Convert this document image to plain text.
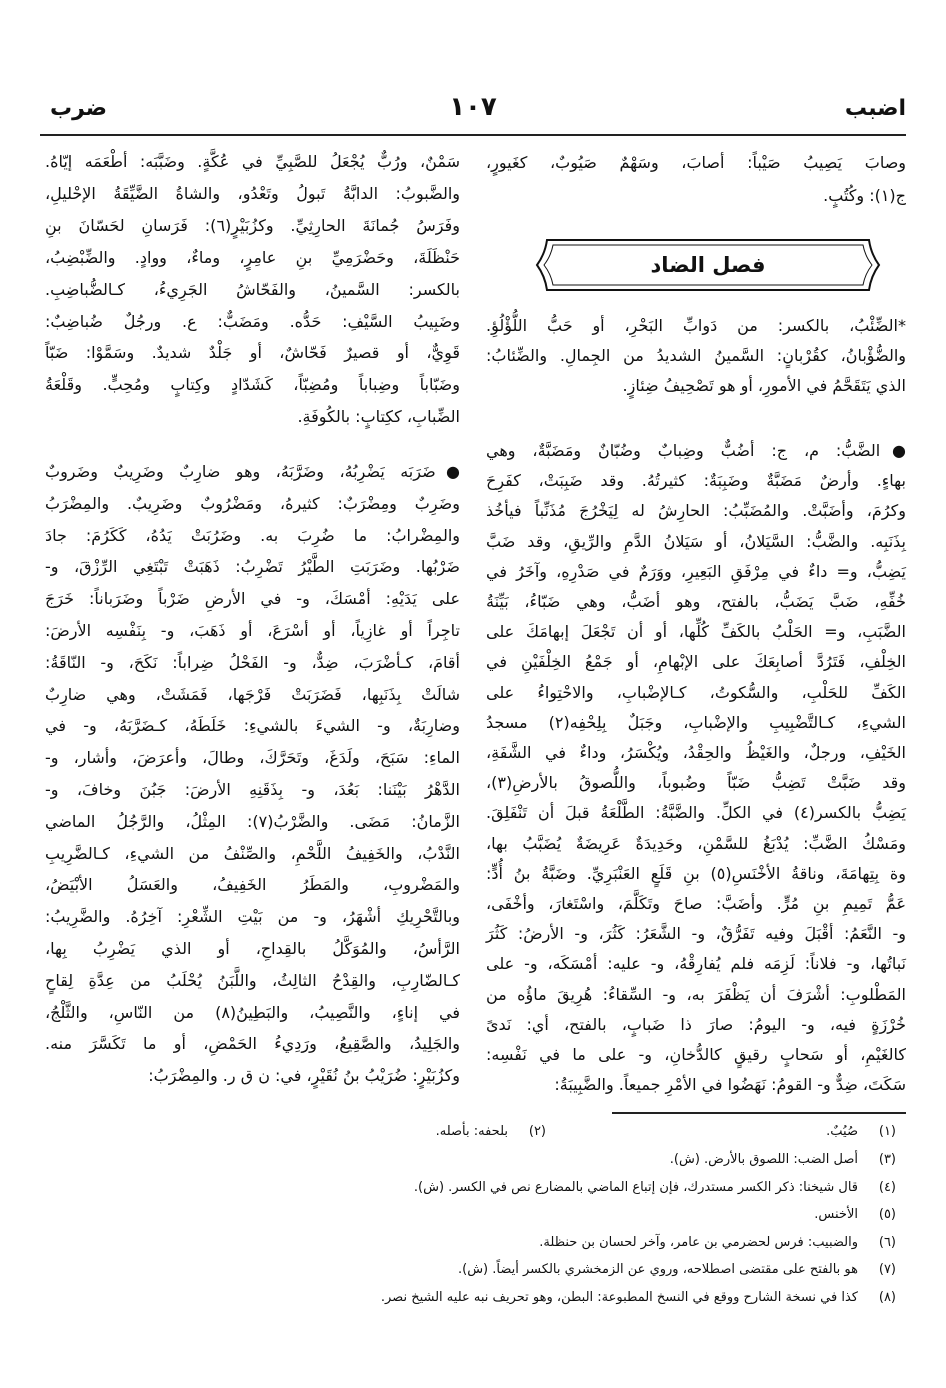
اضبب
١٠٧
ضرب
وصابَ يَصِيبُ صَيْباً: أصابَ، وسَهْمٌ صَيُوبٌ، كغَيورٍ،
ج(١): وكُتُبٍ.
فصل الضاد
*الضِّئْبُ، بالكسر: من دَوابِّ البَحْرِ، أو حَبُّ اللُّؤْلُؤِ.
والضُّؤْبانُ، كقُرْبانٍ: السَّمينُ الشديدُ من الجِمالِ. والضِّئابُ:
الذي يَتَقَحَّمُ في الأمورِ، أو هو تَصْحِيفُ ضِئازٍ.
●الضَّبُّ: م، ج: أضُبٌّ وضِبابٌ وضُبّانٌ ومَضَبَّةٌ، وهي
بهاءٍ. وأرضٌ مَضَبَّةٌ وضَبِبَةٌ: كثيرتُهُ. وقد ضَبِبَتْ، كفَرِحَ
وكرُمَ، وأضَبَّتْ. والمُضَبِّبُ: الحارِشُ له لِيَخْرُجَ مُذَنِّباً فيأخُذ
بِذَنَبِه. والضَّبُّ: السَّيَلانُ، أو سَيَلانُ الدَّمِ والرِّيقِ، وقد ضَبَّ
يَضِبُّ، و= داءٌ في مِرْفَقِ البَعِيرِ، ووَرَمٌ في صَدْرِهِ، وآخَرُ في
خُفِّهِ، ضَبَّ يَضَبُّ، بالفتح، وهو أضَبُّ، وهي ضَبّاءُ، بَيِّنَةُ
الضَّبَبِ، و= الحَلْبُ بالكَفِّ كُلِّها، أو أن تَجْعَلَ إبهامَكَ على
الخِلْفِ، فَتَرُدَّ أصابِعَكَ على الإبْهامِ، أو جَمْعُ الخِلْفَيْنِ في
الكَفِّ للحَلْبِ، والسُّكوتُ، كـالإضْبابِ، والاحْتِواءُ على
الشيءِ، كـالتَّضْبِيبِ والإضْبابِ، وجَبَلٌ بِلِحْفِه(٢) مسجدُ
الخَيْفِ، ورجلٌ، والغَيْظُ والحِقْدُ، ويُكْسَرُ، وداءٌ في الشَّفَةِ،
وقد ضَبَّتْ تَضِبُّ ضَبّاً وضُبوباً، واللُّصوقُ بالأرضِ(٣)،
يَضِبُّ بالكسر(٤) في الكلِّ. والضَّبَّةُ: الطَّلْعَةُ قبلَ أن تَنْفَلِقَ.
ومَسْكُ الضَّبِّ: يُدْبَغُ للسَّمْنِ، وحَدِيدَةٌ عَرِيضَةٌ يُضَبَّبُ بها،
وة بِتِهامَةَ، وناقةُ الأخْنَسِ(٥) بنِ قَلَعٍ العَنْبَرِيِّ. وضَبَّةُ بنُ أُدٍّ:
عَمُّ تَمِيمِ بنِ مُرٍّ. وأضَبَّ: صاحَ وتَكَلَّمَ، واسْتَغارَ، وأخْفَى،
و- النَّعَمُ: أقْبَلَ وفيه تَفَرُّقٌ، و- الشَّعَرُ: كَثُرَ، و- الأرضُ: كَثُرَ
نَباتُها، و- فلاناً: لَزِمَه فلم يُفارِقْهُ، و- عليه: أمْسَكَه، و- على
المَطْلوبِ: أشْرَفَ أن يَظْفَرَ به، و- السِّقاءُ: هُرِيقَ ماؤُه من
خُرْزَةٍ فيه، و- اليومُ: صارَ ذا ضَبابٍ، بالفتح، أي: نَدىً
كالغَيْمِ، أو سَحابٍ رقيقٍ كالدُّخانِ، و- على ما في نَفْسِه:
سَكَتَ، ضِدٌّ و- القومُ: نَهَضُوا في الأمْرِ جميعاً. والضَّبِيبَةُ:
سَمْنٌ، ورُبٌّ يُجْعَلُ للصَّبِيِّ في عُكَّةٍ. وضَبَّبَه: أطْعَمَه إيّاهُ.
والضَّبوبُ: الدابَّةُ تَبولُ وتَعْدُو، والشاةُ الضَّيِّقَةُ الإحْليلِ،
وفَرَسُ جُمانَةَ الحارِثِيِّ. وكزُبَيْرٍ(٦): فَرَسانِ لحَسّانَ بنِ
حَنْظَلَةَ، وحَضْرَمِيِّ بنِ عامِرٍ، وماءٌ، ووادٍ. والضِّبْضِبُ،
بالكسر: السَّمينُ، والفَحّاشُ الجَرِيءُ، كـالضُّباضِبِ.
وضَبِيبُ السَّيْفِ: حَدُّه. ومَضَبٌّ: ع. ورجُلٌ ضُباضِبٌ:
قَوِيٌّ، أو قصيرٌ فَحّاشٌ، أو جَلْدٌ شديدٌ. وسَمَّوْا: ضَبّاً
وضَبّاباً وضِباباً ومُضِبّاً، كَشَدّادٍ وكِتابٍ ومُحِبٍّ. وقَلْعَةُ
الضِّبابِ، ككِتابٍ: بالكُوفَةِ.
●ضَرَبَه يَضْرِبُهُ، وضَرَّبَهُ، وهو ضارِبٌ وضَرِيبٌ وضَروبٌ
وضَرِبٌ ومِضْرَبٌ: كثيرهُ، ومَضْرُوبٌ وضَرِيبٌ. والمِضْرَبُ
والمِضْرابُ: ما ضُرِبَ به. وضَرُبَتْ يَدُهُ، كَكَرُمَ: جادَ
ضَرْبُها. وضَرَبَتِ الطَّيْرُ تَضْرِبُ: ذَهَبَتْ تَبْتَغِي الرِّزْقَ، و-
على يَدَيْهِ: أمْسَكَ، و- في الأرضِ ضَرْباً وضَرَباناً: خَرَجَ
تاجِراً أو غازِياً، أو أسْرَعَ، أو ذَهَبَ، و- بِنَفْسِه الأرضَ:
أقامَ، كـأضْرَبَ، ضِدٌّ، و- الفَحْلُ ضِراباً: نَكَحَ، و- النّاقَةُ:
شالَتْ بِذَنَبِها، فَضَرَبَتْ فَرْجَها، فَمَشَتْ، وهي ضارِبٌ
وضارِبَةٌ، و- الشيءَ بالشيءِ: خَلَطَهُ، كـضَرَّبَهُ، و- في
الماءِ: سَبَحَ، ولَدَغَ، وتَحَرَّكَ، وطالَ، وأعرَضَ، وأشار، و-
الدَّهْرُ بَيْنَنا: بَعُدَ، و- بِذَقَنِهِ الأرضَ: جَبُنَ وخافَ، و-
الزَّمانُ: مَضَى. والضَّرْبُ(٧): المِثْلُ، والرَّجُلُ الماضي
النَّدْبُ، والخَفِيفُ اللَّحْمِ، والصِّنْفُ من الشيءِ، كـالضَّرِيبِ
والمَضْروبِ، والمَطَرُ الخَفِيفُ، والعَسَلُ الأبْيَضُ،
وبالتَّحْرِيكِ أشْهَرُ، و- من بَيْتِ الشِّعْرِ: آخِرُهُ. والضَّرِيبُ:
الرَّأسُ، والمُوَكَّلُ بالقِداحِ، أو الذي يَضْرِبُ بِها،
كـالضّارِبِ، والقِدْحُ الثالِثُ، واللَّبَنُ يُحْلَبُ من عِدَّةِ لِقاحٍ
في إناءٍ، والنَّصِيبُ، والبَطِينُ(٨) من النّاسِ، والثَّلْجُ،
والجَلِيدُ، والصَّقِيعُ، ورَدِيءُ الحَمْضِ، أو ما تَكَسَّرَ منه.
وكزُبَيْرٍ: ضُرَيْبُ بنُ نُقَيْرٍ، في: ن ق ر. والمِضْرَبُ:
(١)صُيُبٌ.
(٢)بلحفه: بأصله.
(٣)أصل الضب: اللصوق بالأرض. (ش).
(٤)قال شيخنا: ذكر الكسر مستدرك، فإن إتباع الماضي بالمضارع نص في الكسر. (ش).
(٥)الأخنس.
(٦)والضبيب: فرس لحضرمي بن عامر، وآخر لحسان بن حنظلة.
(٧)هو بالفتح على مقتضى اصطلاحه، وروي عن الزمخشري بالكسر أيضاً. (ش).
(٨)كذا في نسخة الشارح ووقع في النسخ المطبوعة: البطن، وهو تحريف نبه عليه الشيخ نصر.
